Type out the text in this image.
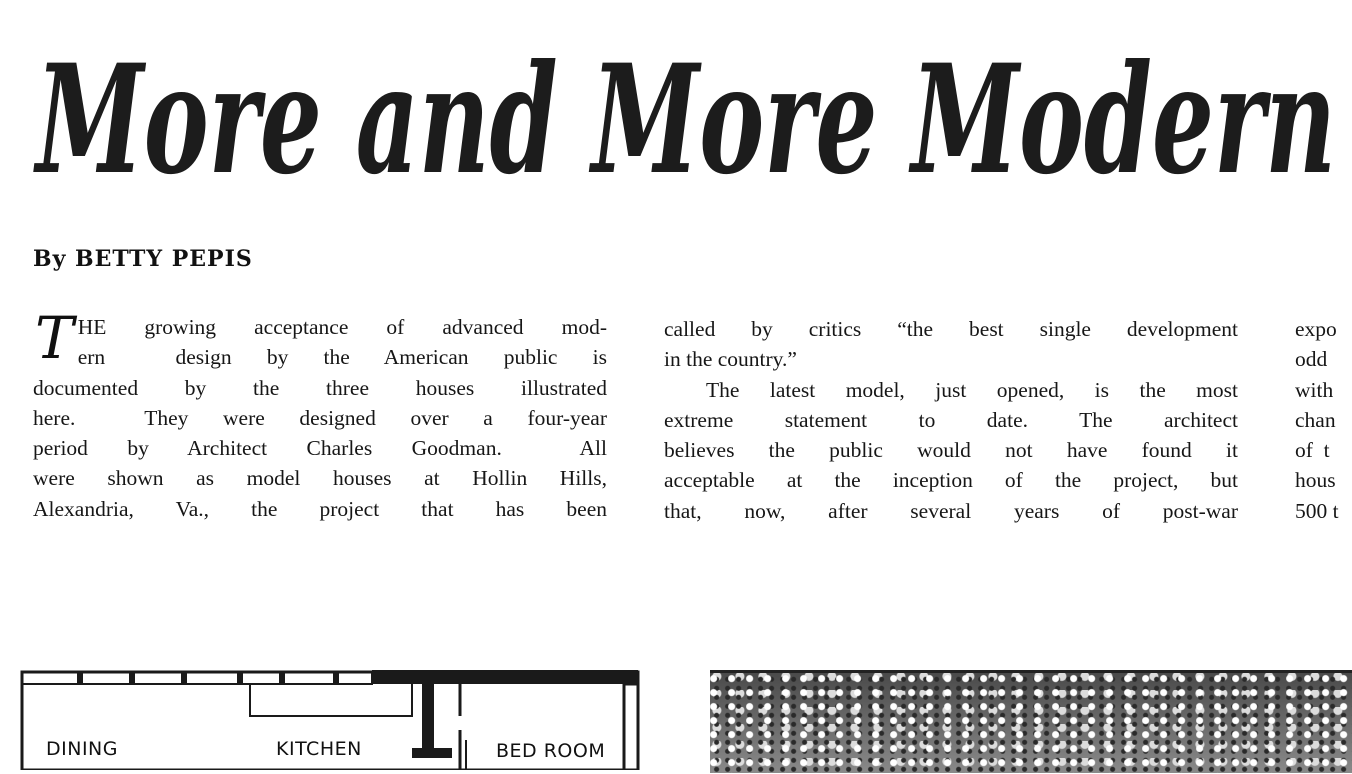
More and More Modern
By BETTY PEPIS
T HE growing acceptance of advanced mod-
ern  design by the American public is
documented by the three houses illustrated
here.  They were designed over a four-year
period by Architect Charles Goodman.  All
were shown as model houses at Hollin Hills,
Alexandria,  Va.,  the  project  that  has  been
called by critics “the best single development
in the country.”
The latest model, just opened, is the most
extreme  statement  to  date.  The  architect
believes the public would not have found it
acceptable at the inception of the project, but
that,  now,  after  several  years  of  post-war
expo
odd
with
chan
of  t
hous
500 t
DINING	KITCHEN	BED ROOM
